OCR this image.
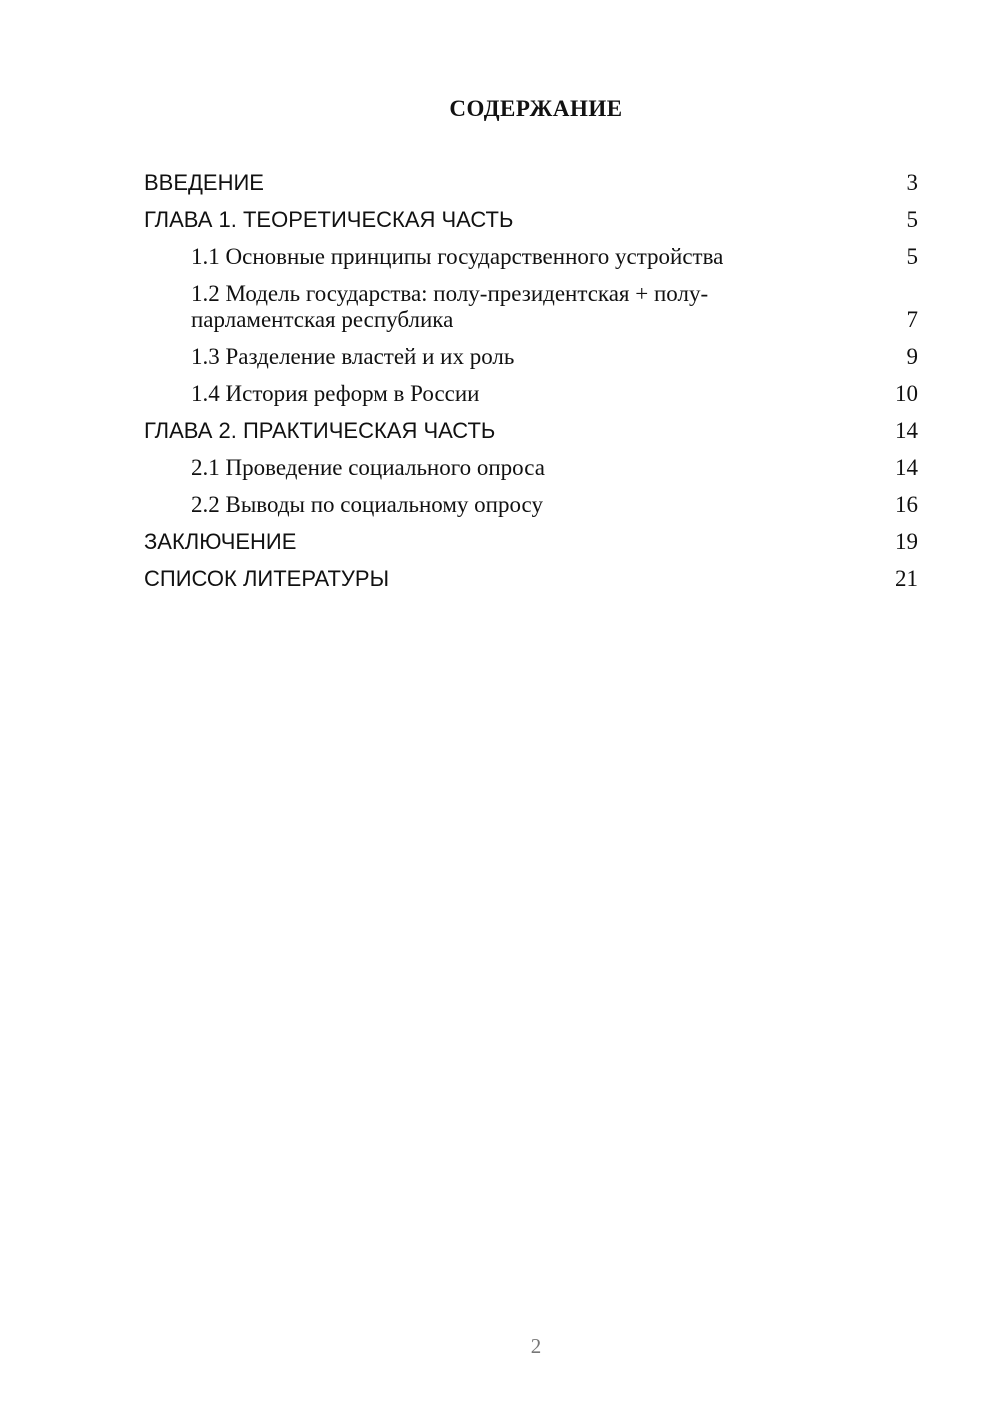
СОДЕРЖАНИЕ
ВВЕДЕНИЕ	3
ГЛАВА 1. ТЕОРЕТИЧЕСКАЯ ЧАСТЬ	5
1.1 Основные принципы государственного устройства	5
1.2 Модель государства: полу-президентская + полу-парламентская республика	7
1.3 Разделение властей и их роль	9
1.4 История реформ в России	10
ГЛАВА 2. ПРАКТИЧЕСКАЯ ЧАСТЬ	14
2.1 Проведение социального опроса	14
2.2 Выводы по социальному опросу	16
ЗАКЛЮЧЕНИЕ	19
СПИСОК ЛИТЕРАТУРЫ	21
2
